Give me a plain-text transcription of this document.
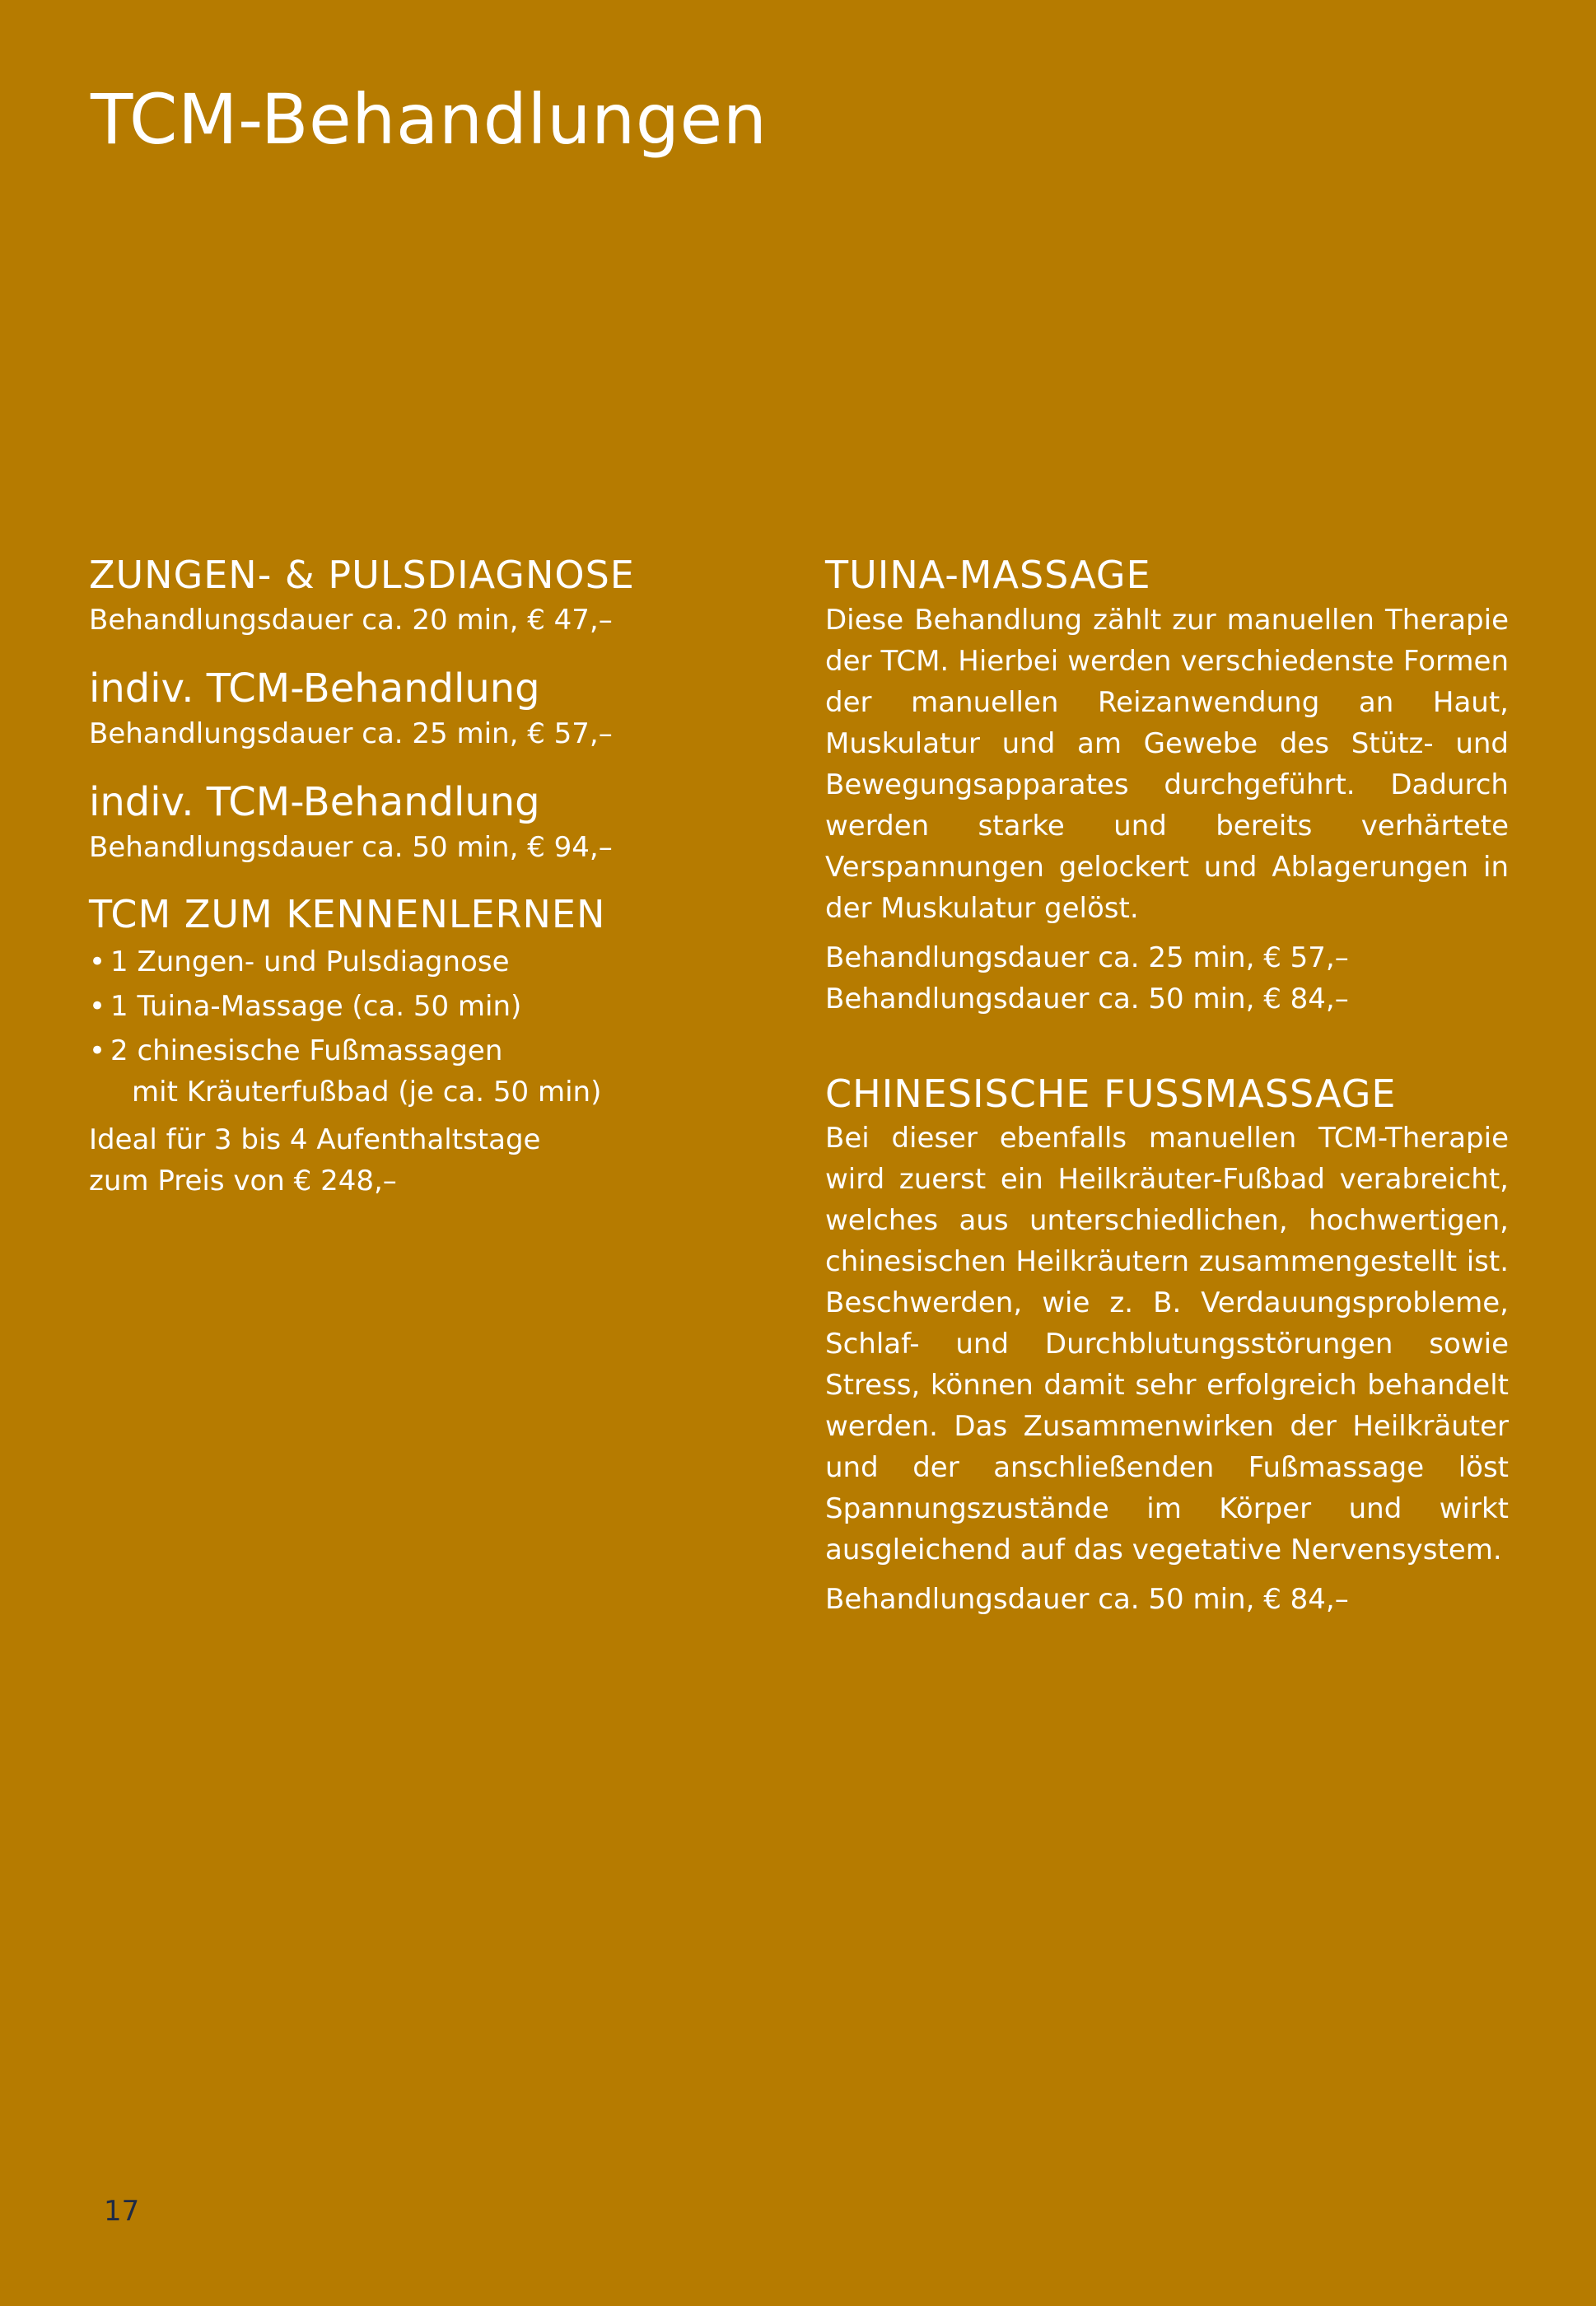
TCM-Behandlungen
ZUNGEN- & PULSDIAGNOSE

Behandlungsdauer ca. 20 min, € 47,–

indiv. TCM-Behandlung

Behandlungsdauer ca. 25 min, € 57,–

indiv. TCM-Behandlung

Behandlungsdauer ca. 50 min, € 94,–

TCM ZUM KENNENLERNEN
• 1 Zungen- und Pulsdiagnose
• 1 Tuina-Massage (ca. 50 min)
• 2 chinesische Fußmassagen
mit Kräuterfußbad (je ca. 50 min)

Ideal für 3 bis 4 Aufenthaltstage

zum Preis von € 248,–

TUINA-MASSAGE

Diese Behandlung zählt zur manuellen Therapie der TCM. Hierbei werden verschiedenste Formen der manuellen Reizanwendung an Haut, Muskulatur und am Gewebe des Stütz- und Bewegungsapparates durchgeführt. Dadurch werden starke und bereits verhärtete Verspannungen gelockert und Ablagerungen in der Muskulatur gelöst.

Behandlungsdauer ca. 25 min, € 57,–

Behandlungsdauer ca. 50 min, € 84,–

CHINESISCHE FUSSMASSAGE

Bei dieser ebenfalls manuellen TCM-Therapie wird zuerst ein Heilkräuter-Fußbad verabreicht, welches aus unterschiedlichen, hochwertigen, chinesischen Heilkräutern zusammengestellt ist. Beschwerden, wie z. B. Verdauungsprobleme, Schlaf- und Durchblutungsstörungen sowie Stress, können damit sehr erfolgreich behandelt werden. Das Zusammenwirken der Heilkräuter und der anschließenden Fußmassage löst Spannungszustände im Körper und wirkt ausgleichend auf das vegetative Nervensystem.

Behandlungsdauer ca. 50 min, € 84,–

17
